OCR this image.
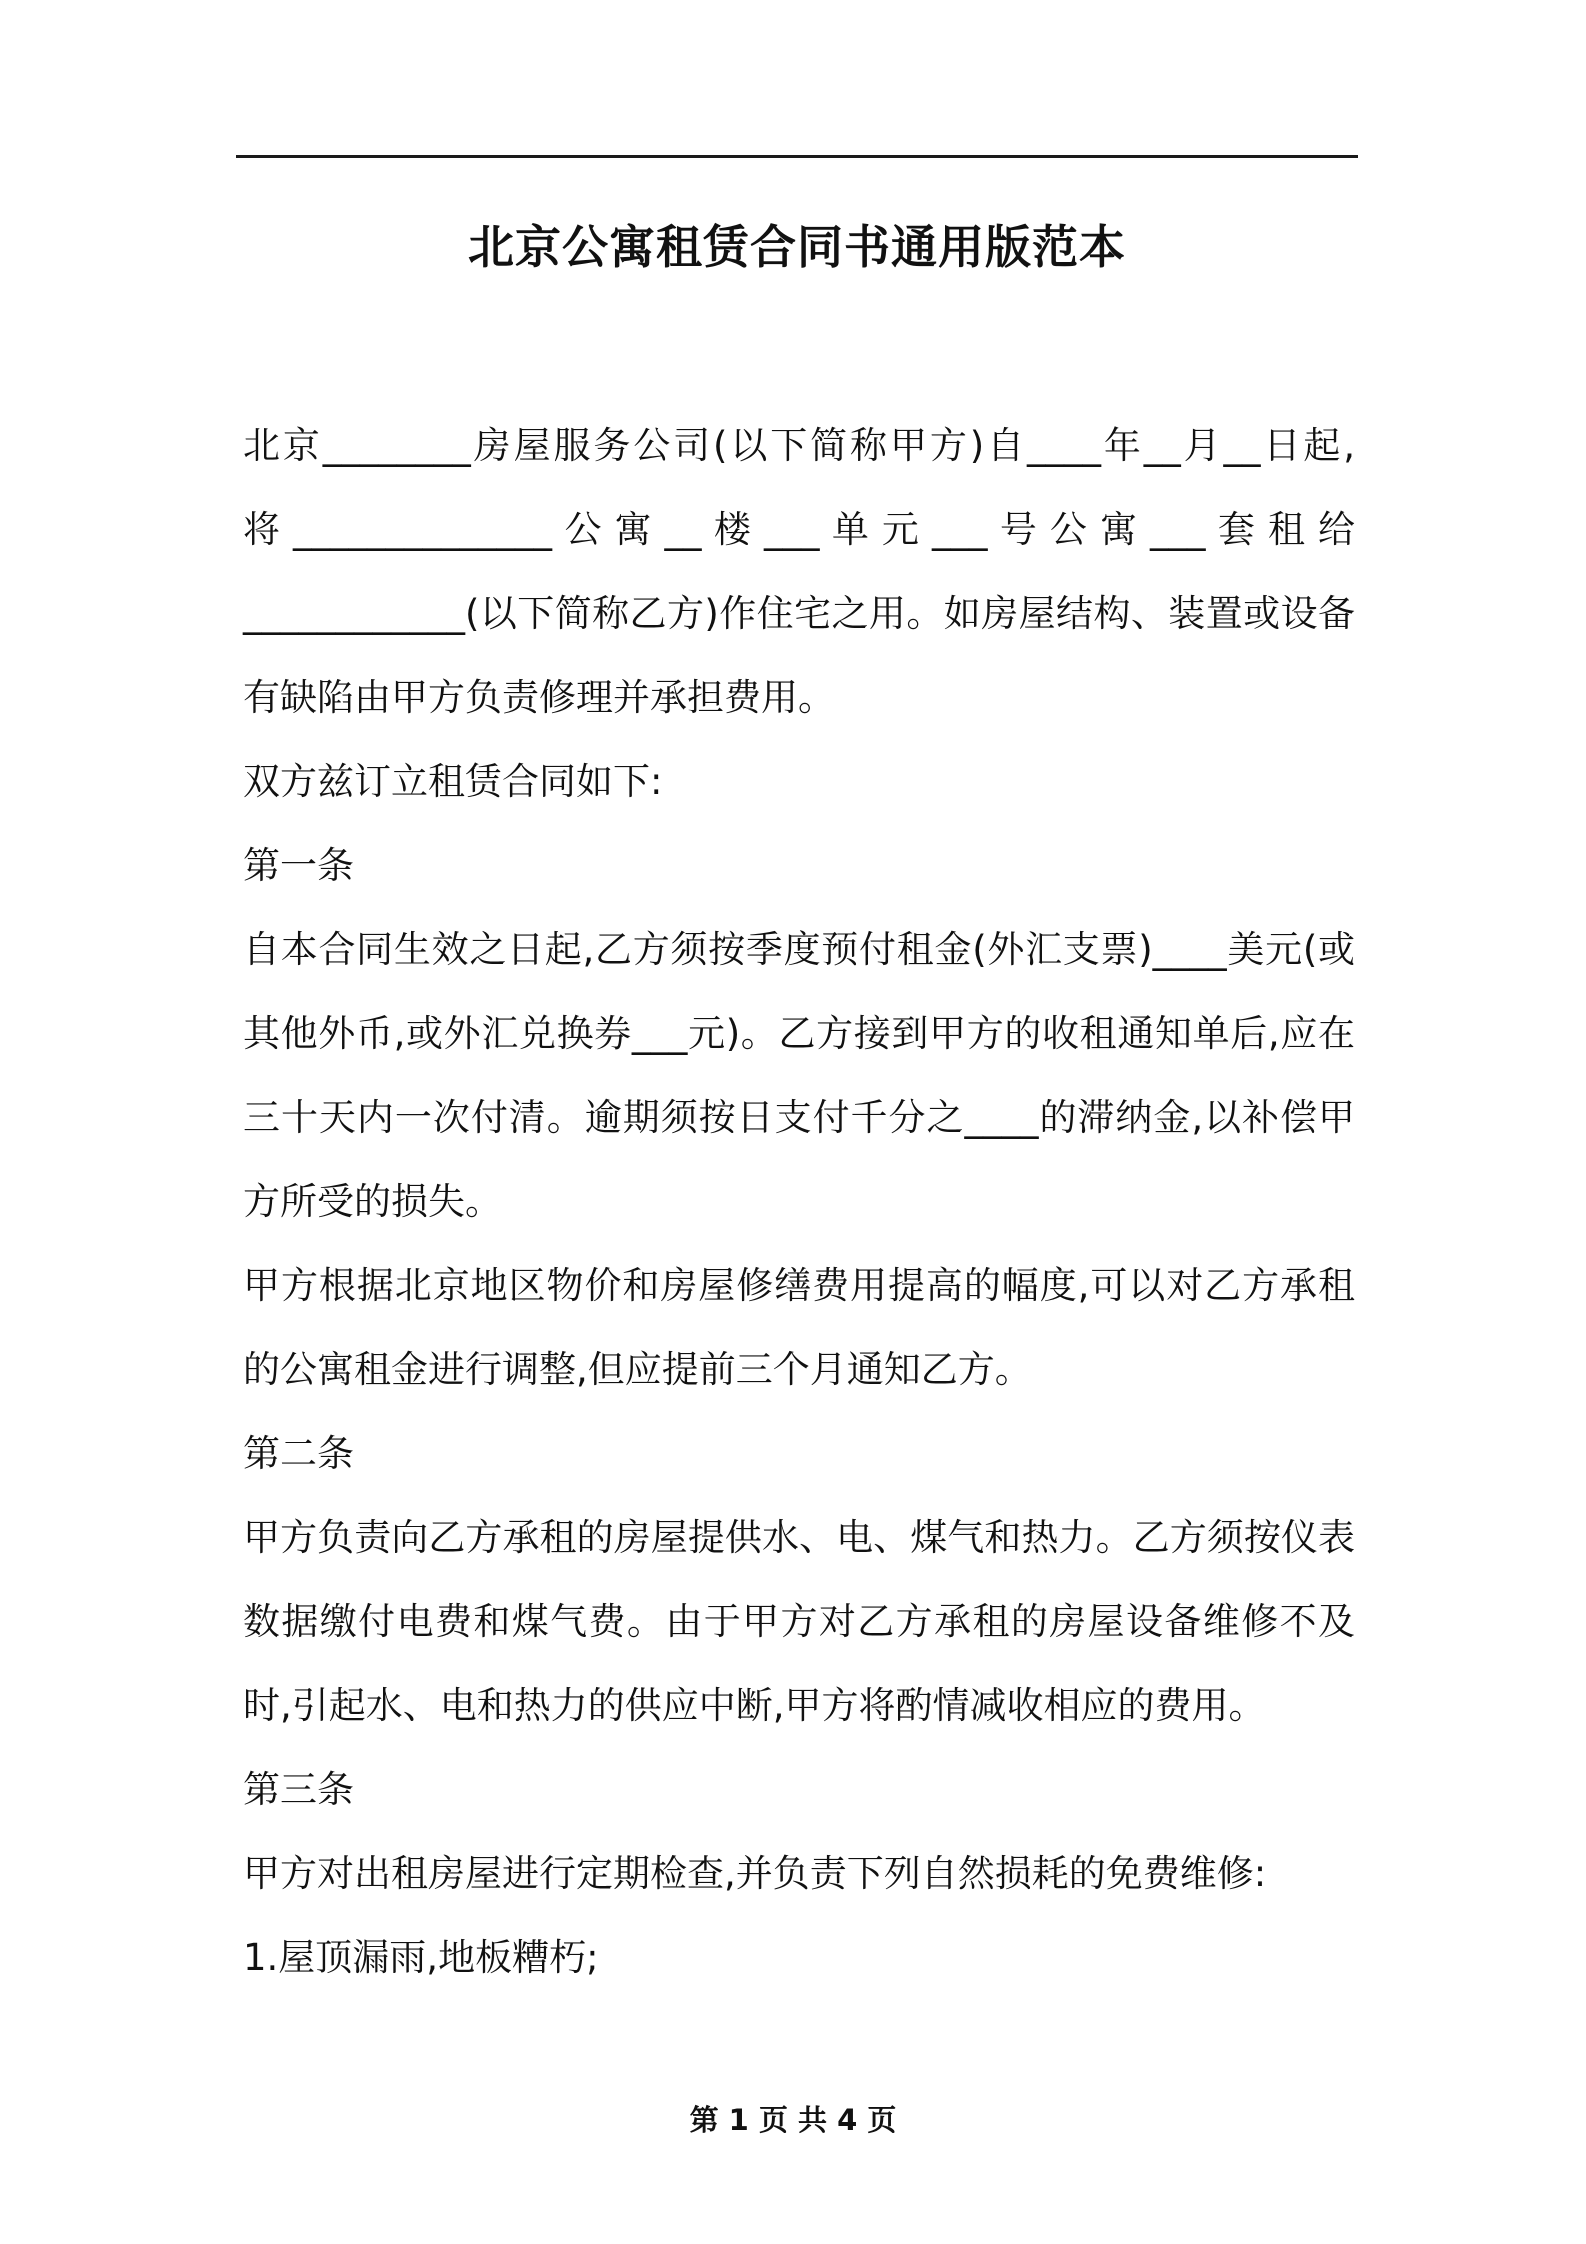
北京公寓租赁合同书通用版范本
北京________房屋服务公司(以下简称甲方)自____年__月__日起,
将 ______________ 公 寓 __ 楼 ___ 单 元 ___ 号 公 寓 ___ 套 租 给
____________(以下简称乙方)作住宅之用。如房屋结构、装置或设备
有缺陷由甲方负责修理并承担费用。
双方兹订立租赁合同如下:
第一条
自本合同生效之日起,乙方须按季度预付租金(外汇支票)____美元(或
其他外币,或外汇兑换券___元)。乙方接到甲方的收租通知单后,应在
三十天内一次付清。逾期须按日支付千分之____的滞纳金,以补偿甲
方所受的损失。
甲方根据北京地区物价和房屋修缮费用提高的幅度,可以对乙方承租
的公寓租金进行调整,但应提前三个月通知乙方。
第二条
甲方负责向乙方承租的房屋提供水、电、煤气和热力。乙方须按仪表
数据缴付电费和煤气费。由于甲方对乙方承租的房屋设备维修不及
时,引起水、电和热力的供应中断,甲方将酌情减收相应的费用。
第三条
甲方对出租房屋进行定期检查,并负责下列自然损耗的免费维修:
1.屋顶漏雨,地板糟朽;
第 1 页 共 4 页
